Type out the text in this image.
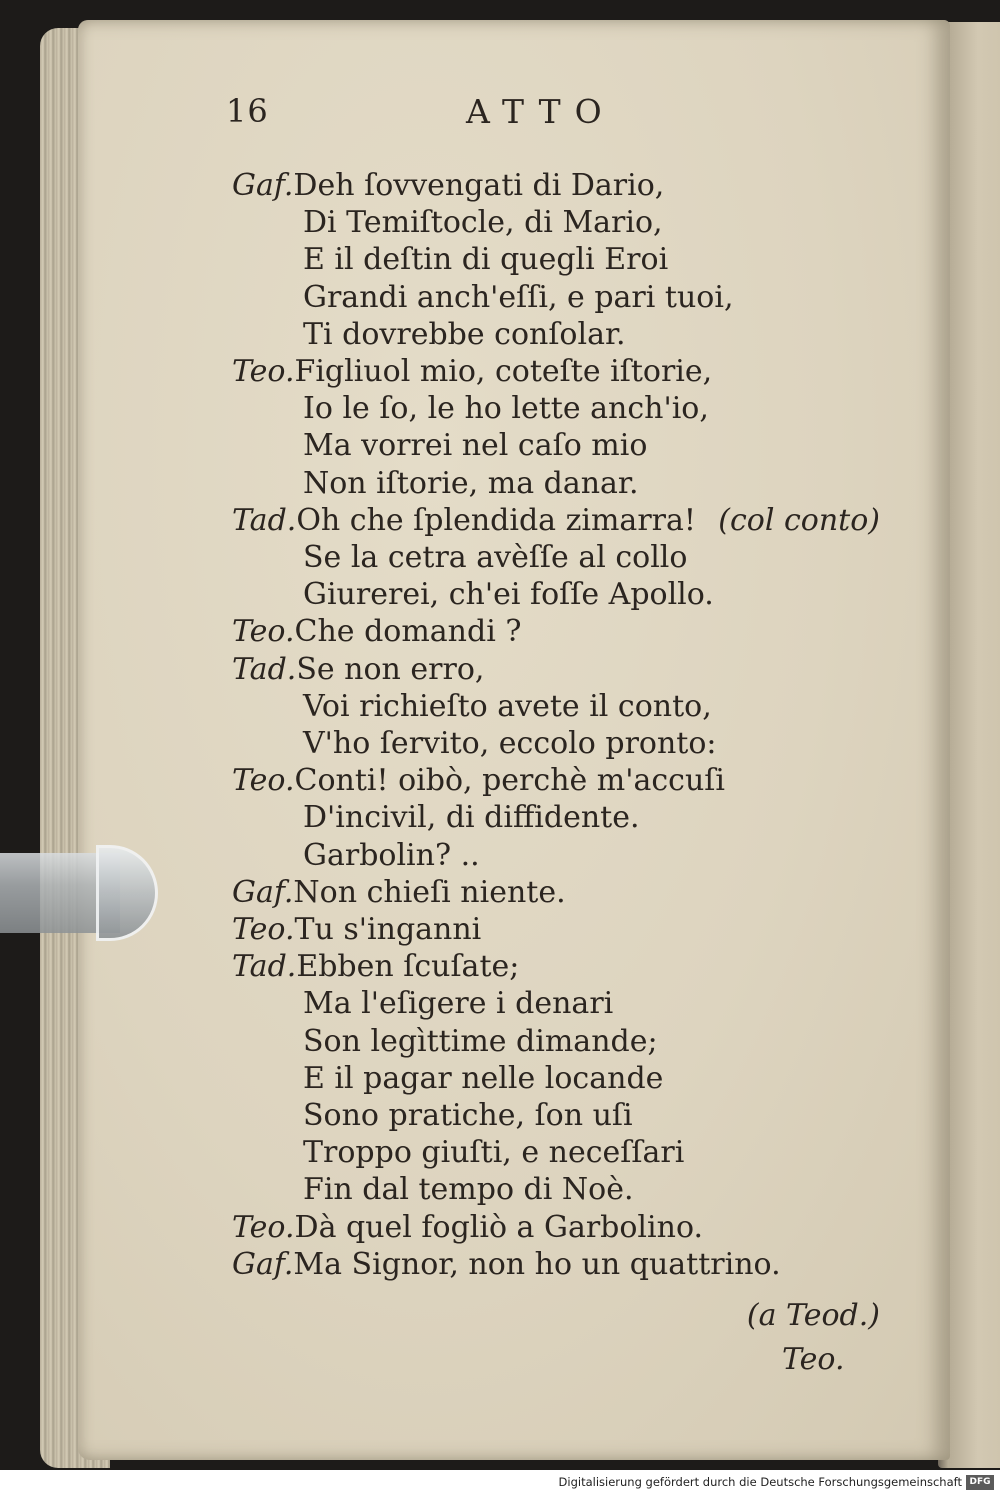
16	ATTO
Gaf.Deh ſovvengati di Dario,
Di Temiſtocle, di Mario,
E il deſtin di quegli Eroi
Grandi anch'eſſi, e pari tuoi,
Ti dovrebbe conſolar.
Teo.Figliuol mio, coteſte iſtorie,
Io le ſo, le ho lette anch'io,
Ma vorrei nel caſo mio
Non iſtorie, ma danar.
Tad.Oh che ſplendida zimarra! (col conto)
Se la cetra avèſſe al collo
Giurerei, ch'ei foſſe Apollo.
Teo.Che domandi ?
Tad.Se non erro,
Voi richieſto avete il conto,
V'ho ſervito, eccolo pronto:
Teo.Conti! oibò, perchè m'accuſi
D'incivil, di diffidente.
Garbolin? ..
Gaf.Non chieſi niente.
Teo.Tu s'inganni
Tad.Ebben ſcuſate;
Ma l'eſigere i denari
Son legìttime dimande;
E il pagar nelle locande
Sono pratiche, ſon uſi
Troppo giuſti, e neceſſari
Fin dal tempo di Noè.
Teo.Dà quel fogliò a Garbolino.
Gaf.Ma Signor, non ho un quattrino.
(a Teod.)
Teo.
Digitalisierung gefördert durch die Deutsche Forschungsgemeinschaft DFG
